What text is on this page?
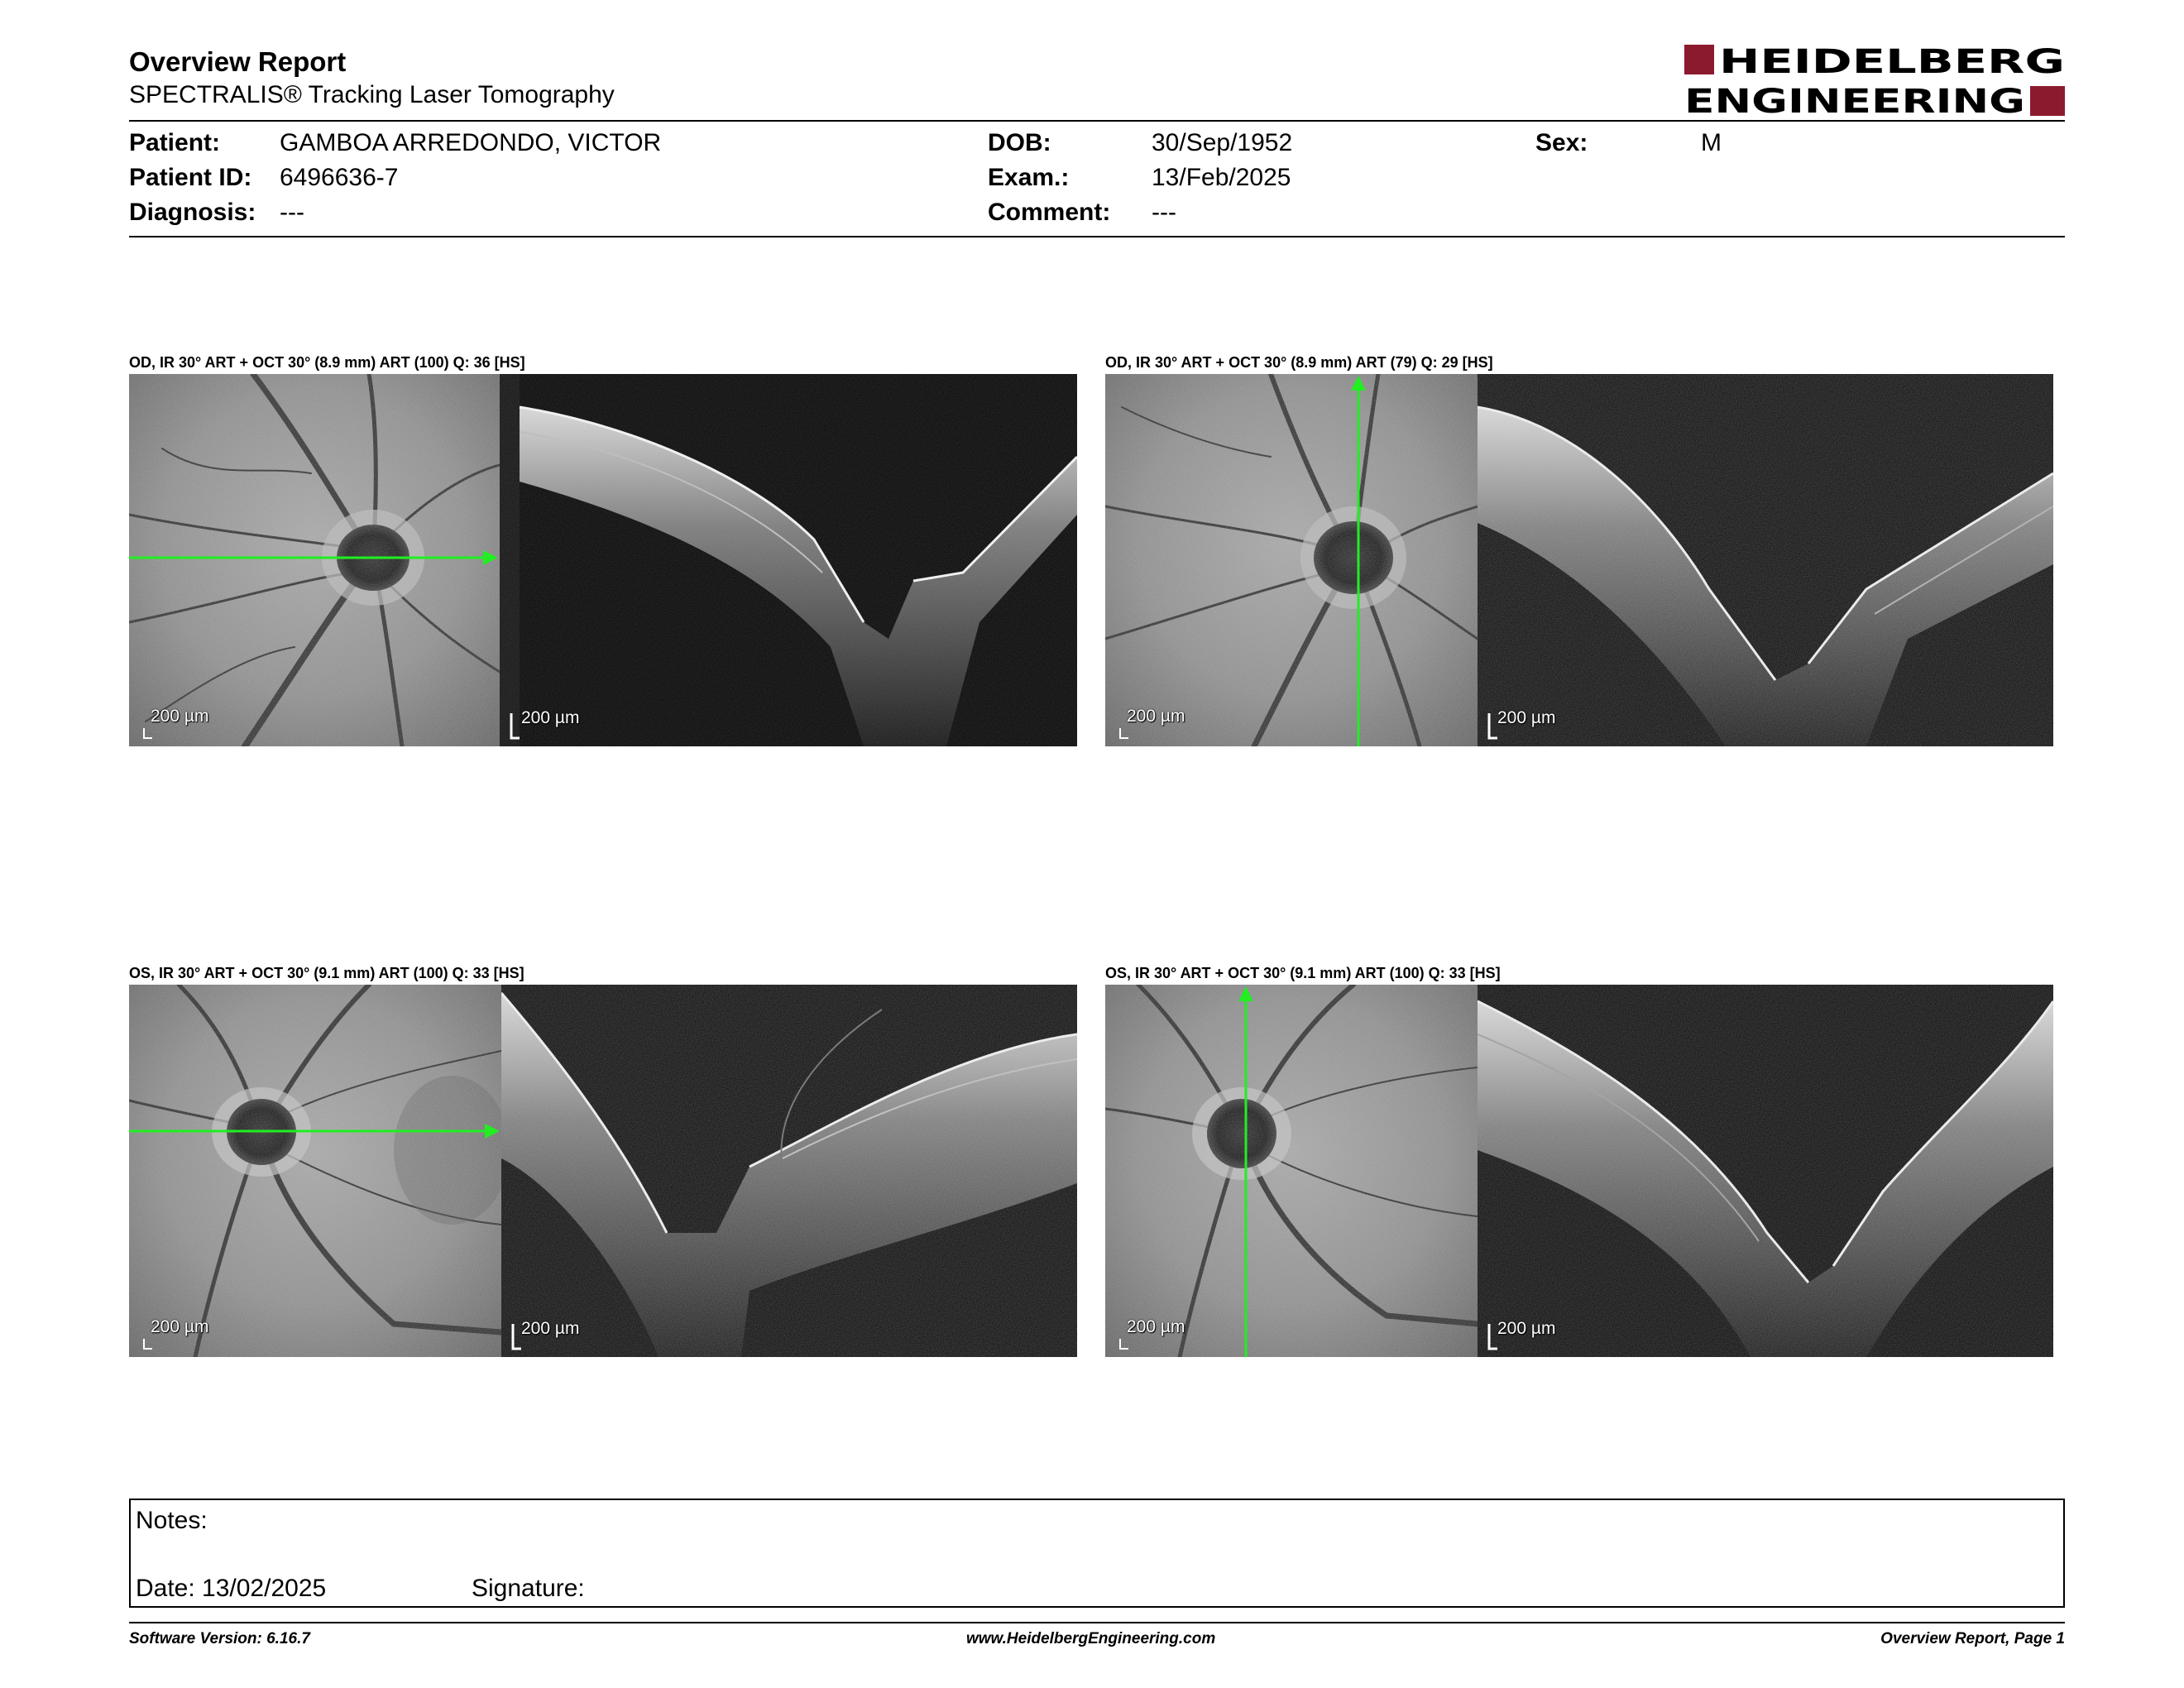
Overview Report
SPECTRALIS® Tracking Laser Tomography
HEIDELBERG
ENGINEERING
Patient: GAMBOA ARREDONDO, VICTOR
Patient ID: 6496636-7
Diagnosis: ---
DOB:	30/Sep/1952
Exam.:	13/Feb/2025
Comment: ---
Sex:	M
OD, IR 30° ART + OCT 30° (8.9 mm) ART (100) Q: 36 [HS]
200 µm	200 µm
OD, IR 30° ART + OCT 30° (8.9 mm) ART (79) Q: 29 [HS]
200 µm	200 µm
OS, IR 30° ART + OCT 30° (9.1 mm) ART (100) Q: 33 [HS]
200 µm	200 µm
OS, IR 30° ART + OCT 30° (9.1 mm) ART (100) Q: 33 [HS]
200 µm	200 µm
Notes:
Date: 13/02/2025	Signature:
Software Version: 6.16.7	www.HeidelbergEngineering.com	Overview Report, Page 1
